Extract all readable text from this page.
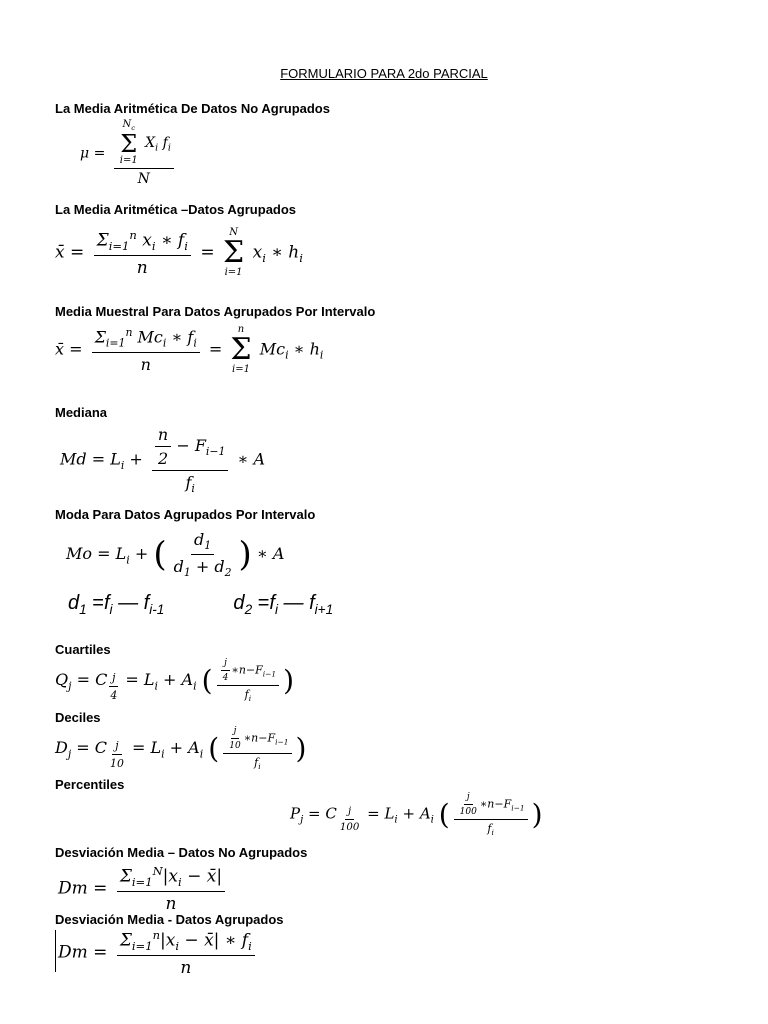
FORMULARIO PARA 2do PARCIAL
La Media Aritmética De Datos No Agrupados
$\mu = N_c$
Σ
i=1
$X_i$ $f_i$
N
La Media Aritmética –Datos Agrupados
x̄ = $\frac{\Sigma_{i=1}^n x_i ∗ f_i}{n}$ =
N
Σ
i=1
$x_i$ ∗ $h_i$
Media Muestral Para Datos Agrupados Por Intervalo
x̄ = $\frac{\Sigma_{i=1}^n Mc_i ∗ f_i}{n}$ =
n
Σ
i=1
$Mc_i$ ∗ $h_i$
Mediana
$Md = L_i + \frac{\frac{n}{2} - F_{i-1}}{f_i}$ ∗ A
Moda Para Datos Agrupados Por Intervalo
$Mo = L_i$ + ( $\frac{d_1}{d_1 + d_2}$ ) ∗ A
$d_1 =f_i$ — $f_{i-1}$	$d_2 =f_i$ — $f_{i+1}$
Cuartiles
$Q_j = C$ $_{\frac{j}{4}} = L_i + A_i$ ( $\frac{\frac{j}{4} ∗n-F_{i-1}}{f_i}$ )
Deciles
$D_j = C$ $_{\frac{j}{10}} = L_i + A_i$ ( $\frac{\frac{j}{10} ∗n-F_{i-1}}{f_i}$ )
Percentiles
$P_j = C$ $_{\frac{j}{100}} = L_i + A_i$ ( $\frac{\frac{j}{100} ∗n-F_{i-1}}{f_i}$ )
Desviación Media – Datos No Agrupados
$Dm = \frac{\Sigma_{i=1}^N|x_i - x̄|}{n}$
Desviación Media - Datos Agrupados
$Dm = \frac{\Sigma_{i=1}^n|x_i - x̄| ∗ f_i}{n}$
